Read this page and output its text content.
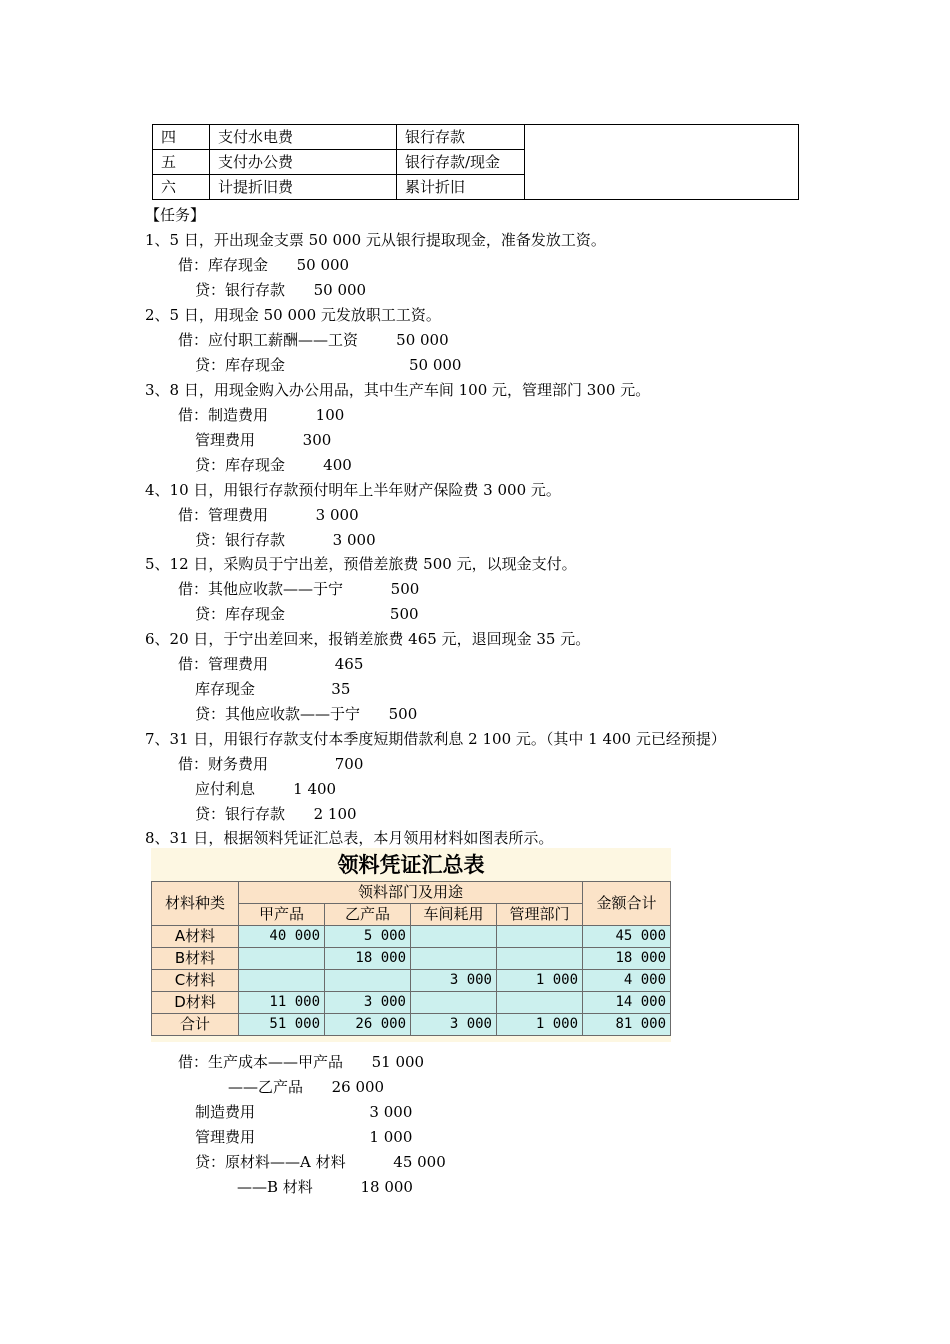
四	支付水电费	银行存款	
五	支付办公费	银行存款/现金	
六	计提折旧费	累计折旧	
【任务】
1、5 日，开出现金支票 50 000 元从银行提取现金，准备发放工资。
借：库存现金      50 000
贷：银行存款      50 000
2、5 日，用现金 50 000 元发放职工工资。
借：应付职工薪酬——工资        50 000
贷：库存现金                          50 000
3、8 日，用现金购入办公用品，其中生产车间 100 元，管理部门 300 元。
借：制造费用          100
管理费用          300
贷：库存现金        400
4、10 日，用银行存款预付明年上半年财产保险费 3 000 元。
借：管理费用          3 000
贷：银行存款          3 000
5、12 日，采购员于宁出差，预借差旅费 500 元，以现金支付。
借：其他应收款——于宁          500
贷：库存现金                      500
6、20 日，于宁出差回来，报销差旅费 465 元，退回现金 35 元。
借：管理费用              465
库存现金                35
贷：其他应收款——于宁      500
7、31 日，用银行存款支付本季度短期借款利息 2 100 元。（其中 1 400 元已经预提）
借：财务费用              700
应付利息        1 400
贷：银行存款      2 100
8、31 日，根据领料凭证汇总表，本月领用材料如图表所示。
领料凭证汇总表
材料种类	领料部门及用途				金额合计
	甲产品	乙产品	车间耗用	管理部门	
A材料	40 000	5 000			45 000
B材料		18 000			18 000
C材料			3 000	1 000	4 000
D材料	11 000	3 000			14 000
合计	51 000	26 000	3 000	1 000	81 000
借：生产成本——甲产品      51 000
——乙产品      26 000
制造费用                        3 000
管理费用                        1 000
贷：原材料——A 材料          45 000
——B 材料          18 000
